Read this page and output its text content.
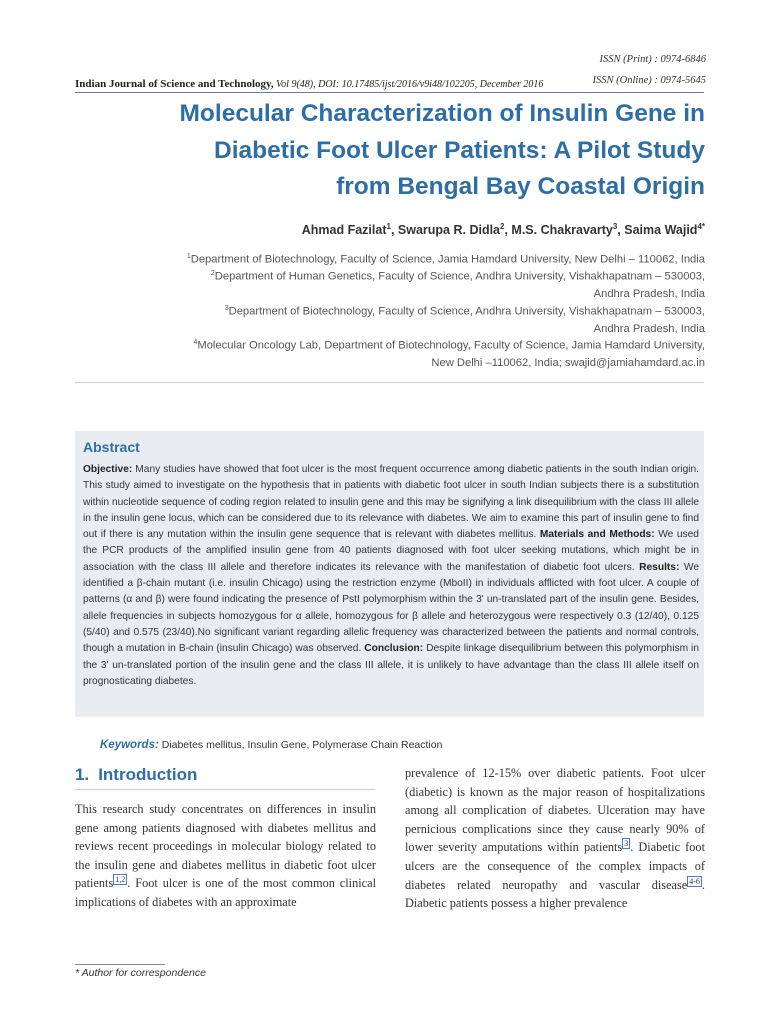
ISSN (Print) : 0974-6846
ISSN (Online) : 0974-5645
Indian Journal of Science and Technology, Vol 9(48), DOI: 10.17485/ijst/2016/v9i48/102205, December 2016
Molecular Characterization of Insulin Gene in
Diabetic Foot Ulcer Patients: A Pilot Study
from Bengal Bay Coastal Origin
Ahmad Fazilat$^1$, Swarupa R. Didla$^2$, M.S. Chakravarty$^3$, Saima Wajid$^{4*}$
$^1$Department of Biotechnology, Faculty of Science, Jamia Hamdard University, New Delhi – 110062, India
$^2$Department of Human Genetics, Faculty of Science, Andhra University, Vishakhapatnam – 530003,
Andhra Pradesh, India
$^3$Department of Biotechnology, Faculty of Science, Andhra University, Vishakhapatnam – 530003,
Andhra Pradesh, India
$^4$Molecular Oncology Lab, Department of Biotechnology, Faculty of Science, Jamia Hamdard University,
New Delhi –110062, India; swajid@jamiahamdard.ac.in
Abstract
Objective: Many studies have showed that foot ulcer is the most frequent occurrence among diabetic patients in the south Indian origin. This study aimed to investigate on the hypothesis that in patients with diabetic foot ulcer in south Indian subjects there is a substitution within nucleotide sequence of coding region related to insulin gene and this may be signifying a link disequilibrium with the class III allele in the insulin gene locus, which can be considered due to its relevance with diabetes. We aim to examine this part of insulin gene to find out if there is any mutation within the insulin gene sequence that is relevant with diabetes mellitus. Materials and Methods: We used the PCR products of the amplified insulin gene from 40 patients diagnosed with foot ulcer seeking mutations, which might be in association with the class III allele and therefore indicates its relevance with the manifestation of diabetic foot ulcers. Results: We identified a β-chain mutant (i.e. insulin Chicago) using the restriction enzyme (MboII) in individuals afflicted with foot ulcer. A couple of patterns (α and β) were found indicating the presence of PstI polymorphism within the 3' un-translated part of the insulin gene. Besides, allele frequencies in subjects homozygous for α allele, homozygous for β allele and heterozygous were respectively 0.3 (12/40), 0.125 (5/40) and 0.575 (23/40).No significant variant regarding allelic frequency was characterized between the patients and normal controls, though a mutation in B-chain (insulin Chicago) was observed. Conclusion: Despite linkage disequilibrium between this polymorphism in the 3' un-translated portion of the insulin gene and the class III allele, it is unlikely to have advantage than the class III allele itself on prognosticating diabetes.
Keywords: Diabetes mellitus, Insulin Gene, Polymerase Chain Reaction
1. Introduction
This research study concentrates on differences in insulin gene among patients diagnosed with diabetes mellitus and reviews recent proceedings in molecular biology related to the insulin gene and diabetes mellitus in diabetic foot ulcer patients 1,2 . Foot ulcer is one of the most common clinical implications of diabetes with an approximate
prevalence of 12-15% over diabetic patients. Foot ulcer (diabetic) is known as the major reason of hospitalizations among all complication of diabetes. Ulceration may have pernicious complications since they cause nearly 90% of lower severity amputations within patients 3 . Diabetic foot ulcers are the consequence of the complex impacts of diabetes related neuropathy and vascular disease 4-6 . Diabetic patients possess a higher prevalence
* Author for correspondence
